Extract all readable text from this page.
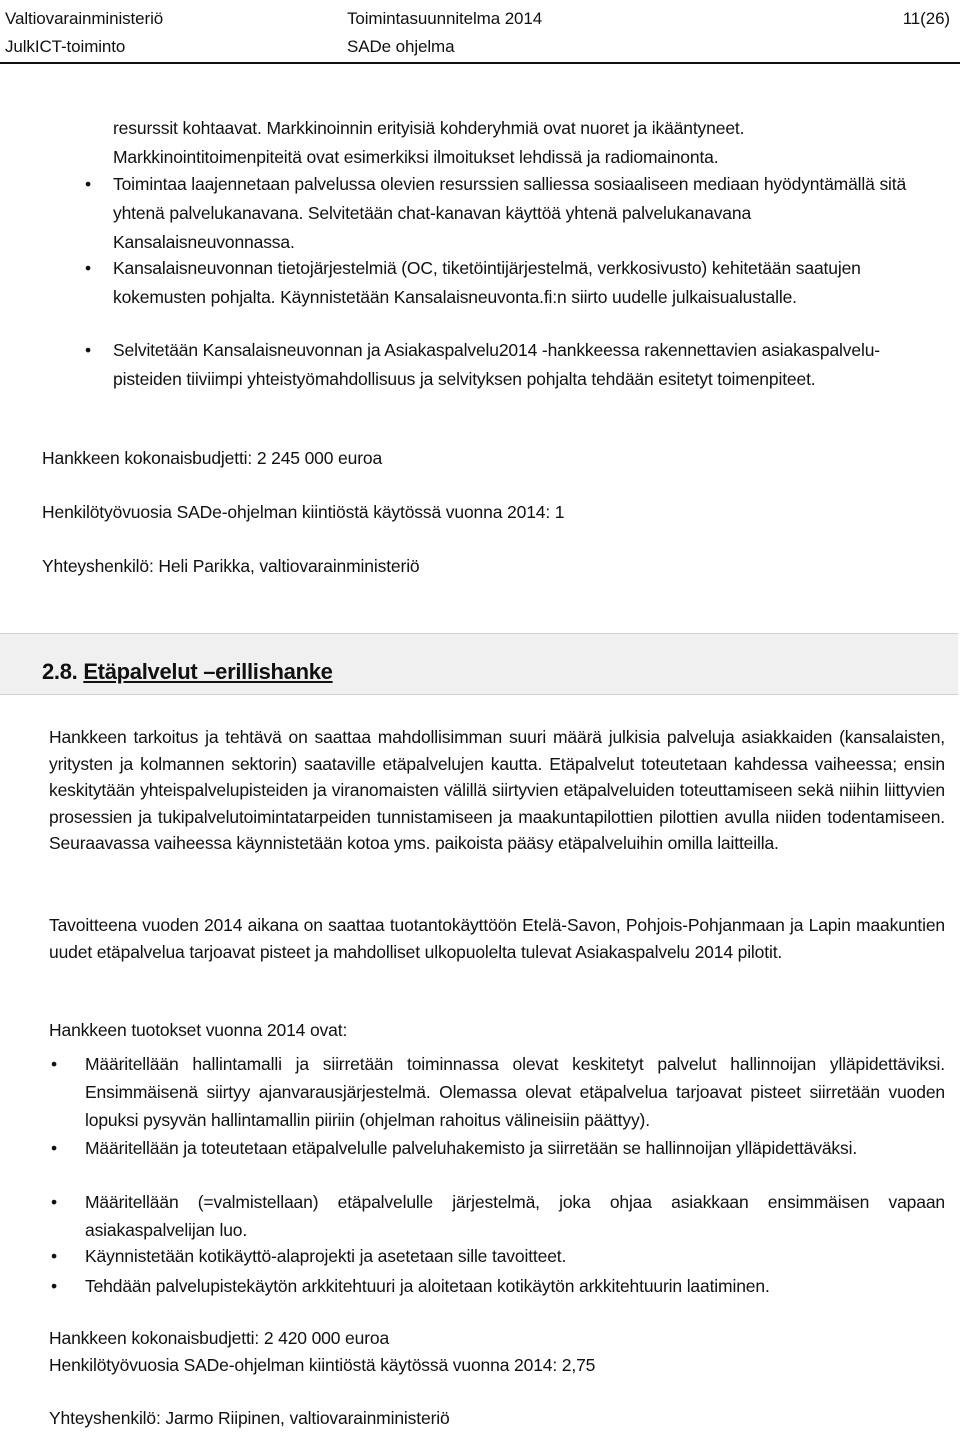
Valtiovarainministeriö	Toimintasuunnitelma 2014	11(26)
JulkICT-toiminto	SADe ohjelma
resurssit kohtaavat. Markkinoinnin erityisiä kohderyhmiä ovat nuoret ja ikääntyneet.
Markkinointitoimenpiteitä ovat esimerkiksi ilmoitukset lehdissä ja radiomainonta.
• Toimintaa laajennetaan palvelussa olevien resurssien salliessa sosiaaliseen mediaan hyödyntämällä sitä yhtenä palvelukanavana. Selvitetään chat-kanavan käyttöä yhtenä palvelukanavana Kansalaisneuvonnassa.
• Kansalaisneuvonnan tietojärjestelmiä (OC, tiketöintijärjestelmä, verkkosivusto) kehitetään saatujen kokemusten pohjalta. Käynnistetään Kansalaisneuvonta.fi:n siirto uudelle julkaisualustalle.
• Selvitetään Kansalaisneuvonnan ja Asiakaspalvelu2014 -hankkeessa rakennettavien asiakaspalvelu-pisteiden tiiviimpi yhteistyömahdollisuus ja selvityksen pohjalta tehdään esitetyt toimenpiteet.
Hankkeen kokonaisbudjetti: 2 245 000 euroa
Henkilötyövuosia SADe-ohjelman kiintiöstä käytössä vuonna 2014: 1
Yhteyshenkilö: Heli Parikka, valtiovarainministeriö
2.8. Etäpalvelut –erillishanke
Hankkeen tarkoitus ja tehtävä on saattaa mahdollisimman suuri määrä julkisia palveluja asiakkaiden (kansalaisten, yritysten ja kolmannen sektorin) saataville etäpalvelujen kautta. Etäpalvelut toteutetaan kahdessa vaiheessa; ensin keskitytään yhteispalvelupisteiden ja viranomaisten välillä siirtyvien etäpalveluiden toteuttamiseen sekä niihin liittyvien prosessien ja tukipalvelutoimintatarpeiden tunnistamiseen ja maakuntapilottien pilottien avulla niiden todentamiseen. Seuraavassa vaiheessa käynnistetään kotoa yms. paikoista pääsy etäpalveluihin omilla laitteilla.
Tavoitteena vuoden 2014 aikana on saattaa tuotantokäyttöön Etelä-Savon, Pohjois-Pohjanmaan ja Lapin maakuntien uudet etäpalvelua tarjoavat pisteet ja mahdolliset ulkopuolelta tulevat Asiakaspalvelu 2014 pilotit.
Hankkeen tuotokset vuonna 2014 ovat:
•	Määritellään hallintamalli ja siirretään toiminnassa olevat keskitetyt palvelut hallinnoijan ylläpidettäviksi. Ensimmäisenä siirtyy ajanvarausjärjestelmä. Olemassa olevat etäpalvelua tarjoavat pisteet siirretään vuoden lopuksi pysyvän hallintamallin piiriin (ohjelman rahoitus välineisiin päättyy).
•	Määritellään ja toteutetaan etäpalvelulle palveluhakemisto ja siirretään se hallinnoijan ylläpidettäväksi.
•	Määritellään (=valmistellaan) etäpalvelulle järjestelmä, joka ohjaa asiakkaan ensimmäisen vapaan asiakaspalvelijan luo.
•	Käynnistetään kotikäyttö-alaprojekti ja asetetaan sille tavoitteet.
•	Tehdään palvelupistekäytön arkkitehtuuri ja aloitetaan kotikäytön arkkitehtuurin laatiminen.
Hankkeen kokonaisbudjetti: 2 420 000 euroa
Henkilötyövuosia SADe-ohjelman kiintiöstä käytössä vuonna 2014: 2,75
Yhteyshenkilö: Jarmo Riipinen, valtiovarainministeriö
